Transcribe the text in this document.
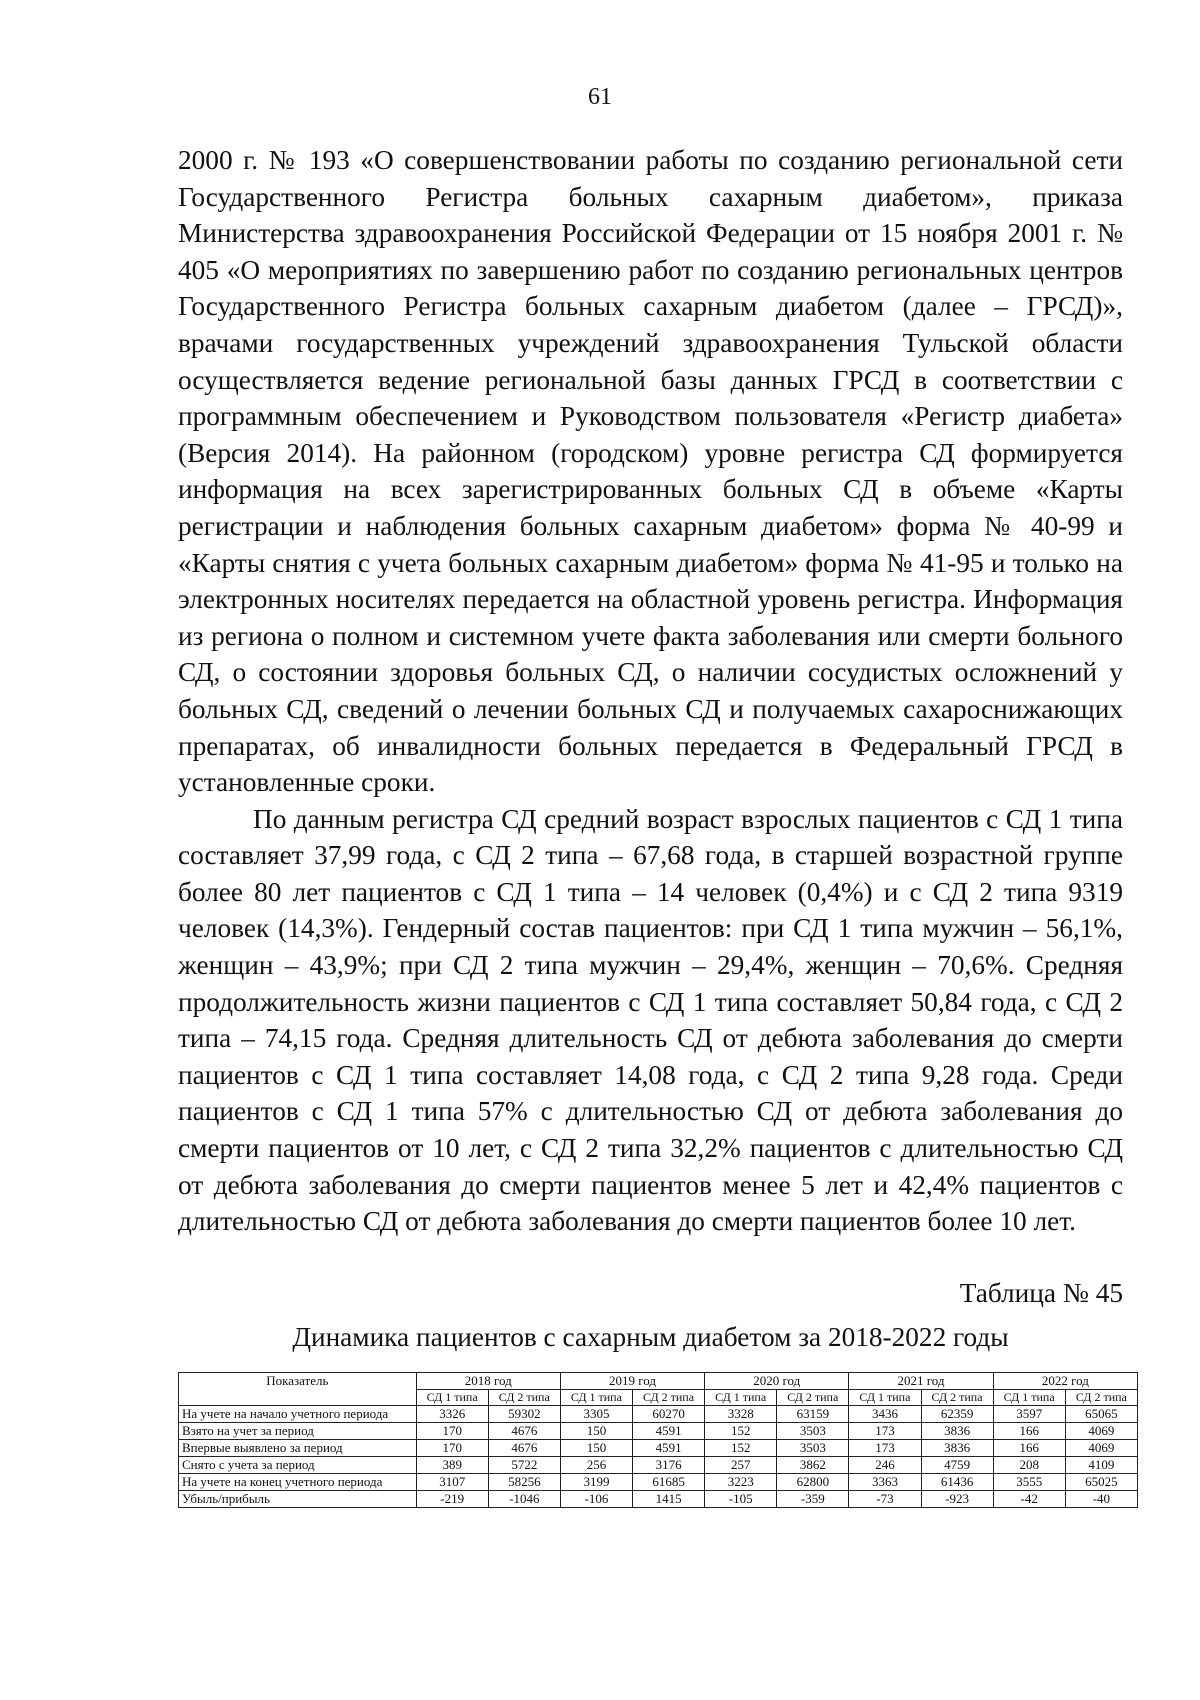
61

2000 г. № 193 «О совершенствовании работы по созданию региональной сети Государственного Регистра больных сахарным диабетом», приказа Министерства здравоохранения Российской Федерации от 15 ноября 2001 г. № 405 «О мероприятиях по завершению работ по созданию региональных центров Государственного Регистра больных сахарным диабетом (далее – ГРСД)», врачами государственных учреждений здравоохранения Тульской области осуществляется ведение региональной базы данных ГРСД в соответствии с программным обеспечением и Руководством пользователя «Регистр диабета» (Версия 2014). На районном (городском) уровне регистра СД формируется информация на всех зарегистрированных больных СД в объеме «Карты регистрации и наблюдения больных сахарным диабетом» форма № 40-99 и «Карты снятия с учета больных сахарным диабетом» форма № 41-95 и только на электронных носителях передается на областной уровень регистра. Информация из региона о полном и системном учете факта заболевания или смерти больного СД, о состоянии здоровья больных СД, о наличии сосудистых осложнений у больных СД, сведений о лечении больных СД и получаемых сахароснижающих препаратах, об инвалидности больных передается в Федеральный ГРСД в установленные сроки.

По данным регистра СД средний возраст взрослых пациентов с СД 1 типа составляет 37,99 года, с СД 2 типа – 67,68 года, в старшей возрастной группе более 80 лет пациентов с СД 1 типа – 14 человек (0,4%) и с СД 2 типа 9319 человек (14,3%). Гендерный состав пациентов: при СД 1 типа мужчин – 56,1%, женщин – 43,9%; при СД 2 типа мужчин – 29,4%, женщин – 70,6%. Средняя продолжительность жизни пациентов с СД 1 типа составляет 50,84 года, с СД 2 типа – 74,15 года. Средняя длительность СД от дебюта заболевания до смерти пациентов с СД 1 типа составляет 14,08 года, с СД 2 типа 9,28 года. Среди пациентов с СД 1 типа 57% с длительностью СД от дебюта заболевания до смерти пациентов от 10 лет, с СД 2 типа 32,2% пациентов с длительностью СД от дебюта заболевания до смерти пациентов менее 5 лет и 42,4% пациентов с длительностью СД от дебюта заболевания до смерти пациентов более 10 лет.

Таблица № 45
Динамика пациентов с сахарным диабетом за 2018-2022 годы
Показатель	2018 год		2019 год		2020 год		2021 год		2022 год	
	СД 1 типа	СД 2 типа	СД 1 типа	СД 2 типа	СД 1 типа	СД 2 типа	СД 1 типа	СД 2 типа	СД 1 типа	СД 2 типа
На учете на начало учетного периода	3326	59302	3305	60270	3328	63159	3436	62359	3597	65065
Взято на учет за период	170	4676	150	4591	152	3503	173	3836	166	4069
Впервые выявлено за период	170	4676	150	4591	152	3503	173	3836	166	4069
Снято с учета за период	389	5722	256	3176	257	3862	246	4759	208	4109
На учете на конец учетного периода	3107	58256	3199	61685	3223	62800	3363	61436	3555	65025
Убыль/прибыль	-219	-1046	-106	1415	-105	-359	-73	-923	-42	-40
